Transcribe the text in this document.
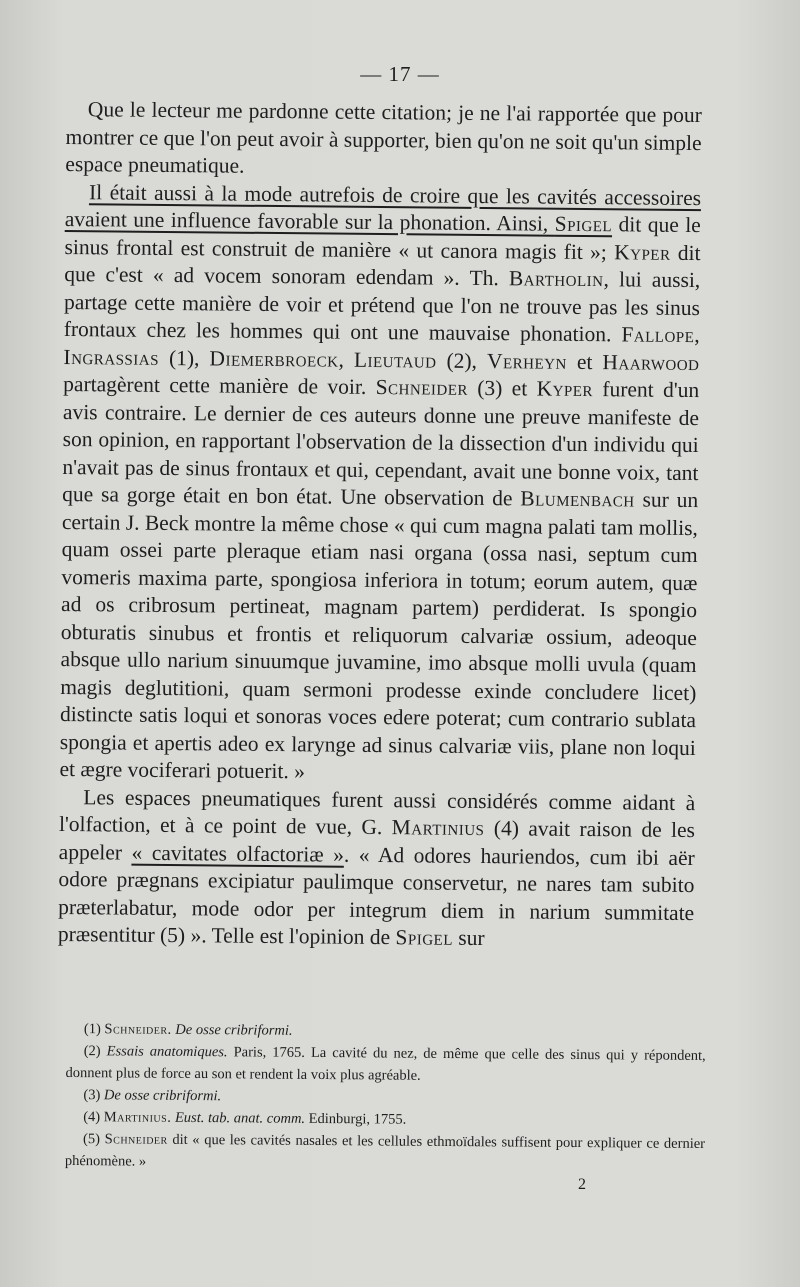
— 17 —

Que le lecteur me pardonne cette citation; je ne l'ai rapportée que pour montrer ce que l'on peut avoir à supporter, bien qu'on ne soit qu'un simple espace pneumatique.

Il était aussi à la mode autrefois de croire que les cavités accessoires avaient une influence favorable sur la phonation. Ainsi, Spigel dit que le sinus frontal est construit de manière « ut canora magis fit »; Kyper dit que c'est « ad vocem sonoram edendam ». Th. Bartholin, lui aussi, partage cette manière de voir et prétend que l'on ne trouve pas les sinus frontaux chez les hommes qui ont une mauvaise phonation. Fallope, Ingrassias (1), Diemerbroeck, Lieutaud (2), Verheyn et Haarwood partagèrent cette manière de voir. Schneider (3) et Kyper furent d'un avis contraire. Le dernier de ces auteurs donne une preuve manifeste de son opinion, en rapportant l'observation de la dissection d'un individu qui n'avait pas de sinus frontaux et qui, cependant, avait une bonne voix, tant que sa gorge était en bon état. Une observation de Blumenbach sur un certain J. Beck montre la même chose « qui cum magna palati tam mollis, quam ossei parte pleraque etiam nasi organa (ossa nasi, septum cum vomeris maxima parte, spongiosa inferiora in totum; eorum autem, quæ ad os cribrosum pertineat, magnam partem) perdiderat. Is spongio obturatis sinubus et frontis et reliquorum calvariæ ossium, adeoque absque ullo narium sinuumque juvamine, imo absque molli uvula (quam magis deglutitioni, quam sermoni prodesse exinde concludere licet) distincte satis loqui et sonoras voces edere poterat; cum contrario sublata spongia et apertis adeo ex larynge ad sinus calvariæ viis, plane non loqui et ægre vociferari potuerit. »

Les espaces pneumatiques furent aussi considérés comme aidant à l'olfaction, et à ce point de vue, G. Martinius (4) avait raison de les appeler « cavitates olfactoriæ ». « Ad odores hauriendos, cum ibi aër odore prægnans excipiatur paulimque conservetur, ne nares tam subito præterlabatur, mode odor per integrum diem in narium summitate præsentitur (5) ». Telle est l'opinion de Spigel sur

(1) Schneider. De osse cribriformi.

(2) Essais anatomiques. Paris, 1765. La cavité du nez, de même que celle des sinus qui y répondent, donnent plus de force au son et rendent la voix plus agréable.

(3) De osse cribriformi.

(4) Martinius. Eust. tab. anat. comm. Edinburgi, 1755.

(5) Schneider dit « que les cavités nasales et les cellules ethmoïdales suffisent pour expliquer ce dernier phénomène. »

2
